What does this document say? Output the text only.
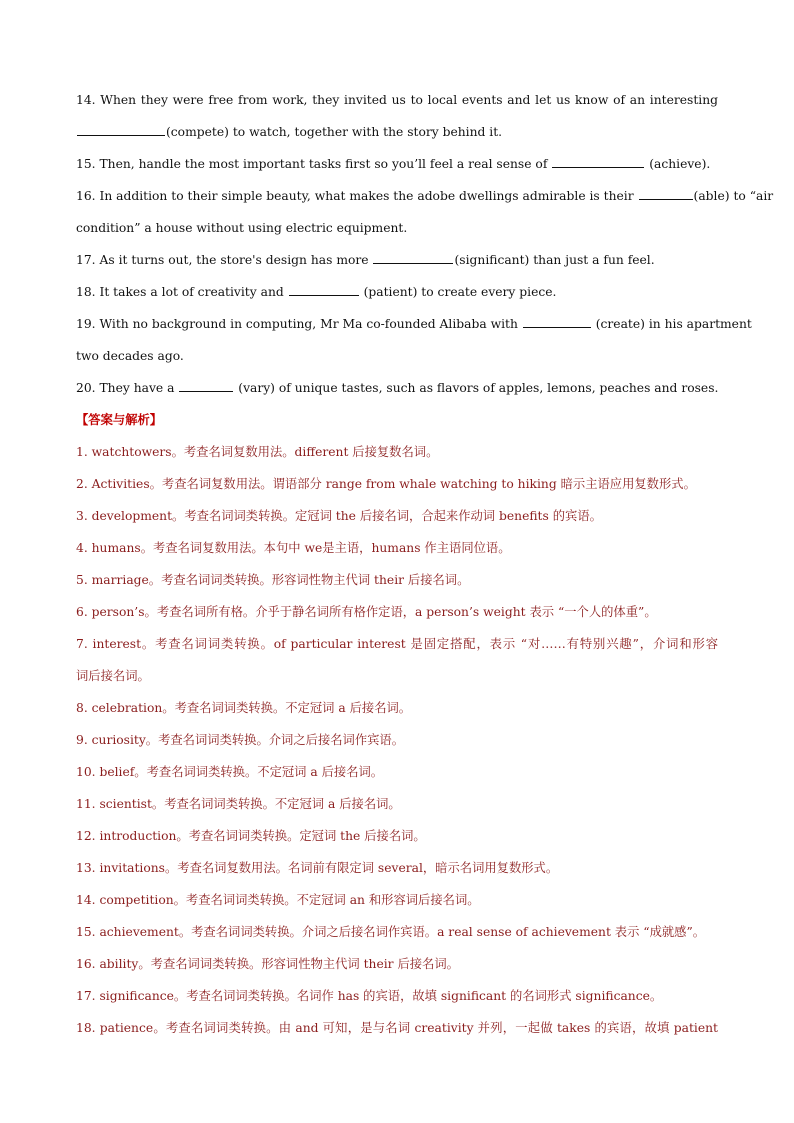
14. When they were free from work, they invited us to local events and let us know of an interesting
(compete) to watch, together with the story behind it.
15. Then, handle the most important tasks first so you’ll feel a real sense of	(achieve).
16. In addition to their simple beauty, what makes the adobe dwellings admirable is their	(able) to “air
condition” a house without using electric equipment.
17. As it turns out, the store's design has more	(significant) than just a fun feel.
18. It takes a lot of creativity and	(patient) to create every piece.
19. With no background in computing, Mr Ma co-founded Alibaba with	(create) in his apartment
two decades ago.
20. They have a	(vary) of unique tastes, such as flavors of apples, lemons, peaches and roses.
【答案与解析】
1. watchtowers。考查名词复数用法。different 后接复数名词。
2. Activities。考查名词复数用法。谓语部分 range from whale watching to hiking 暗示主语应用复数形式。
3. development。考查名词词类转换。定冠词 the 后接名词，合起来作动词 benefits 的宾语。
4. humans。考查名词复数用法。本句中 we是主语，humans 作主语同位语。
5. marriage。考查名词词类转换。形容词性物主代词 their 后接名词。
6. person’s。考查名词所有格。介乎于静名词所有格作定语，a person’s weight 表示 “一个人的体重”。
7. interest。考查名词词类转换。of particular interest 是固定搭配，表示 “对……有特别兴趣”，介词和形容
词后接名词。
8. celebration。考查名词词类转换。不定冠词 a 后接名词。
9. curiosity。考查名词词类转换。介词之后接名词作宾语。
10. belief。考查名词词类转换。不定冠词 a 后接名词。
11. scientist。考查名词词类转换。不定冠词 a 后接名词。
12. introduction。考查名词词类转换。定冠词 the 后接名词。
13. invitations。考查名词复数用法。名词前有限定词 several，暗示名词用复数形式。
14. competition。考查名词词类转换。不定冠词 an 和形容词后接名词。
15. achievement。考查名词词类转换。介词之后接名词作宾语。a real sense of achievement 表示 “成就感”。
16. ability。考查名词词类转换。形容词性物主代词 their 后接名词。
17. significance。考查名词词类转换。名词作 has 的宾语，故填 significant 的名词形式 significance。
18. patience。考查名词词类转换。由 and 可知，是与名词 creativity 并列，一起做 takes 的宾语，故填 patient
